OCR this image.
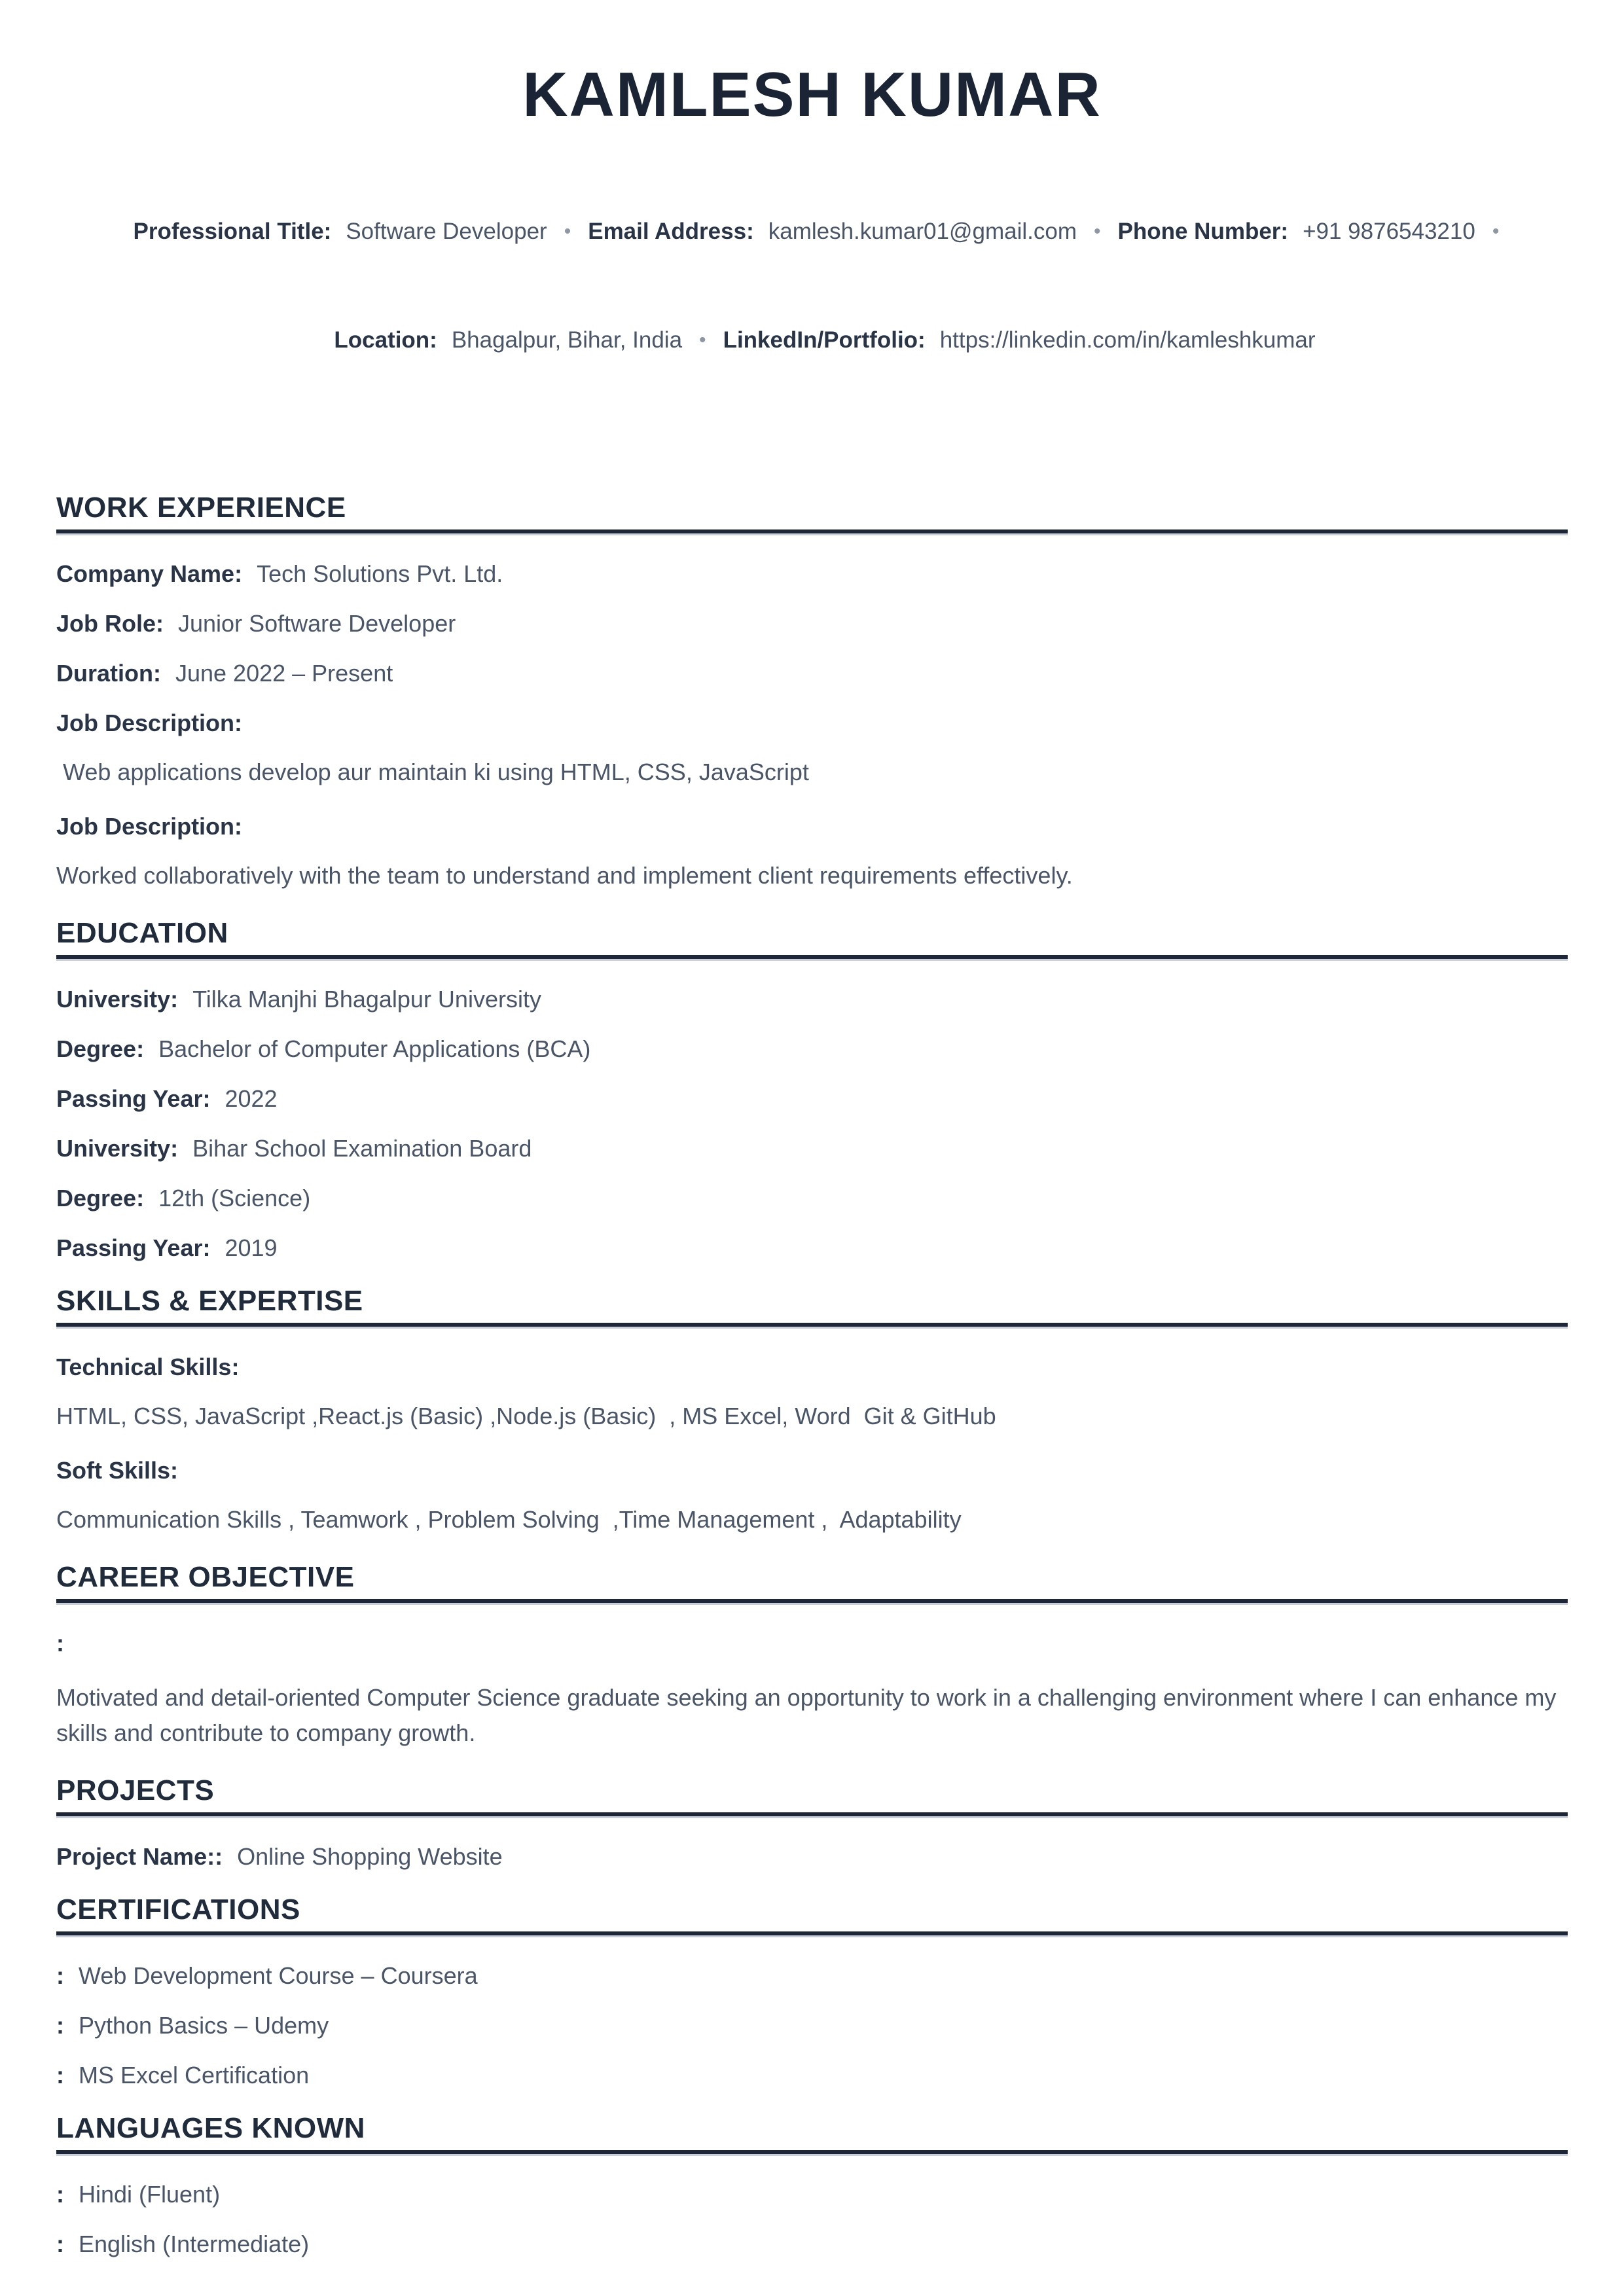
KAMLESH KUMAR

Professional Title: Software Developer • Email Address: kamlesh.kumar01@gmail.com • Phone Number: +91 9876543210 •

Location: Bhagalpur, Bihar, India • LinkedIn/Portfolio: https://linkedin.com/in/kamleshkumar

WORK EXPERIENCE
Company Name: Tech Solutions Pvt. Ltd.
Job Role: Junior Software Developer
Duration: June 2022 – Present
Job Description:

Web applications develop aur maintain ki using HTML, CSS, JavaScript

Job Description:

Worked collaboratively with the team to understand and implement client requirements effectively.

EDUCATION
University: Tilka Manjhi Bhagalpur University
Degree: Bachelor of Computer Applications (BCA)
Passing Year: 2022
University: Bihar School Examination Board
Degree: 12th (Science)
Passing Year: 2019
SKILLS & EXPERTISE
Technical Skills:

HTML, CSS, JavaScript ,React.js (Basic) ,Node.js (Basic)  , MS Excel, Word  Git & GitHub

Soft Skills:

Communication Skills , Teamwork , Problem Solving  ,Time Management ,  Adaptability

CAREER OBJECTIVE
:

Motivated and detail-oriented Computer Science graduate seeking an opportunity to work in a challenging environment where I can enhance my skills and contribute to company growth.

PROJECTS
Project Name:: Online Shopping Website
CERTIFICATIONS
: Web Development Course – Coursera
: Python Basics – Udemy
: MS Excel Certification
LANGUAGES KNOWN
: Hindi (Fluent)
: English (Intermediate)
